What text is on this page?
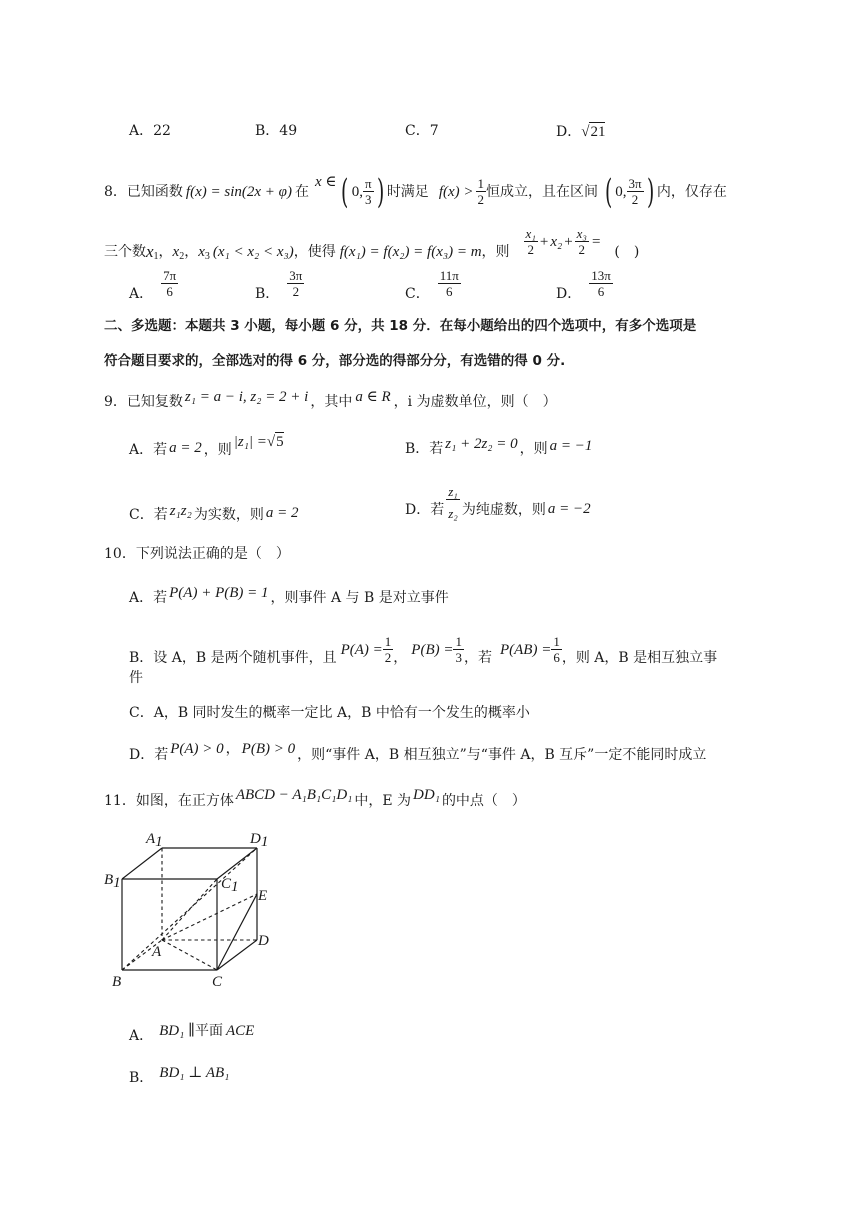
A．22	B．49	C．7	D．√21
8．已知函数 f(x) = sin(2x + φ) 在
x ∈ ( 0, $\frac{\pi}{3}$ ) 时满足 $f(x) > \frac{1}{2}$ 恒成立，且在区间 ( 0, $\frac{3\pi}{2}$ ) 内，仅存在
三个数 x 1 ， x 2 ， x 3 (x₁ < x₂ < x₃) ，使得 f(x₁) = f(x₂) = f(x₃) = m ，则 $\frac{\text{x₁}}{2} + x_2 + \frac{\text{x₃}}{2}$ =
(　)
A． $\frac{7\pi}{6}$	B． $\frac{3\pi}{2}$	C． $\frac{11\pi}{6}$	D． $\frac{13\pi}{6}$
二、多选题：本题共 3 小题，每小题 6 分，共 18 分．在每小题给出的四个选项中，有多个选项是
符合题目要求的，全部选对的得 6 分，部分选的得部分分，有选错的得 0 分.
9．已知复数 z₁ = a − i, z₂ = 2 + i ，其中 a ∈ R ，i 为虚数单位，则（　）
A．若 a = 2 ，则 |z₁| = √ 5	B．若 z₁ + 2z₂ = 0 ，则 a = −1
C．若 z₁z₂ 为实数，则 a = 2	D．若 $\frac{\text{z₁}}{\text{z₂}}$ 为纯虚数，则 a = −2
10．下列说法正确的是（　）
A．若 P(A) + P(B) = 1 ，则事件 A 与 B 是对立事件
B．设 A，B 是两个随机事件，且 $P(A) = \frac{1}{2}$ ， $P(B) = \frac{1}{3}$ ，若 $P(AB) = \frac{1}{6}$ ，则 A，B 是相互独立事
件
C．A，B 同时发生的概率一定比 A，B 中恰有一个发生的概率小
D．若 P(A) > 0 ， P(B) > 0 ，则“事件 A，B 相互独立”与“事件 A，B 互斥”一定不能同时成立
11．如图，在正方体 ABCD − A₁B₁C₁D₁ 中，E 为 DD₁ 的中点（　）
A1	D1
B1	C1
E
D
A
B	C
A． BD₁ ∥ 平面 ACE
B． BD₁ ⊥ AB₁
